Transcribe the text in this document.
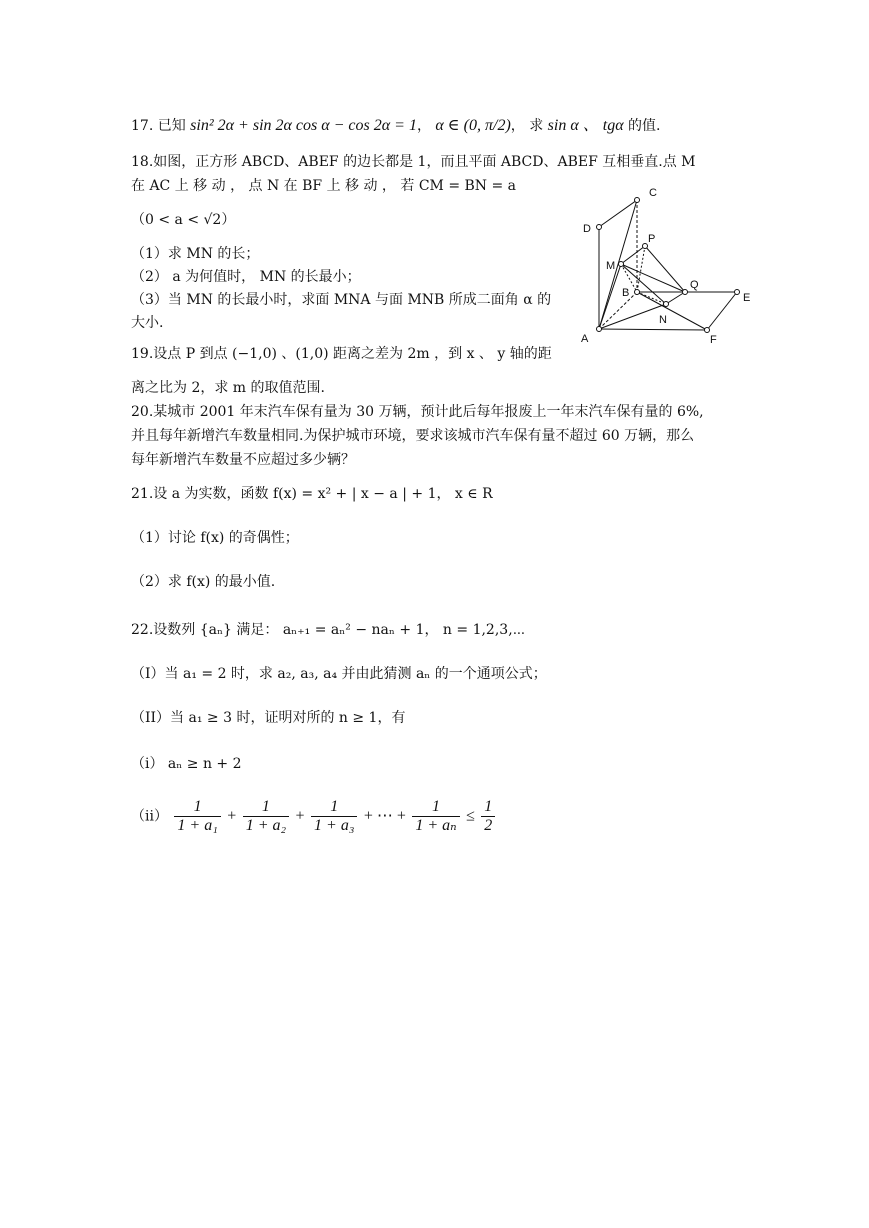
17. 已知 sin² 2α + sin 2α cos α − cos 2α = 1， α ∈ (0, π/2)， 求 sin α 、 tgα 的值.
18.如图，正方形 ABCD、ABEF 的边长都是 1，而且平面 ABCD、ABEF 互相垂直.点 M
在 AC 上 移 动 ， 点 N 在 BF 上 移 动 ， 若 CM = BN = a
（0 < a < √2）
（1）求 MN 的长；
（2） a 为何值时， MN 的长最小；
（3）当 MN 的长最小时，求面 MNA 与面 MNB 所成二面角 α 的
大小.
19.设点 P 到点 (−1,0) 、(1,0) 距离之差为 2m ，到 x 、 y 轴的距
离之比为 2，求 m 的取值范围.
20.某城市 2001 年末汽车保有量为 30 万辆，预计此后每年报废上一年末汽车保有量的 6%,
并且每年新增汽车数量相同.为保护城市环境，要求该城市汽车保有量不超过 60 万辆，那么
每年新增汽车数量不应超过多少辆？
21.设 a 为实数，函数 f(x) = x² + | x − a | + 1， x ∈ R
（1）讨论 f(x) 的奇偶性；
（2）求 f(x) 的最小值.
22.设数列 {aₙ} 满足： aₙ₊₁ = aₙ² − naₙ + 1， n = 1,2,3,⋯
（I）当 a₁ = 2 时，求 a₂, a₃, a₄ 并由此猜测 aₙ 的一个通项公式；
（II）当 a₁ ≥ 3 时，证明对所的 n ≥ 1，有
（i） aₙ ≥ n + 2
$(ii) \frac{1}{\text{1 + a₁}} + \frac{1}{\text{1 + a₂}} + \frac{1}{\text{1 + a₃}}$ + ⋯ + $\frac{1}{\text{1 + aₙ}} \le \frac{1}{2}$
C
D
P
M
Q
B	E
N
A	F
